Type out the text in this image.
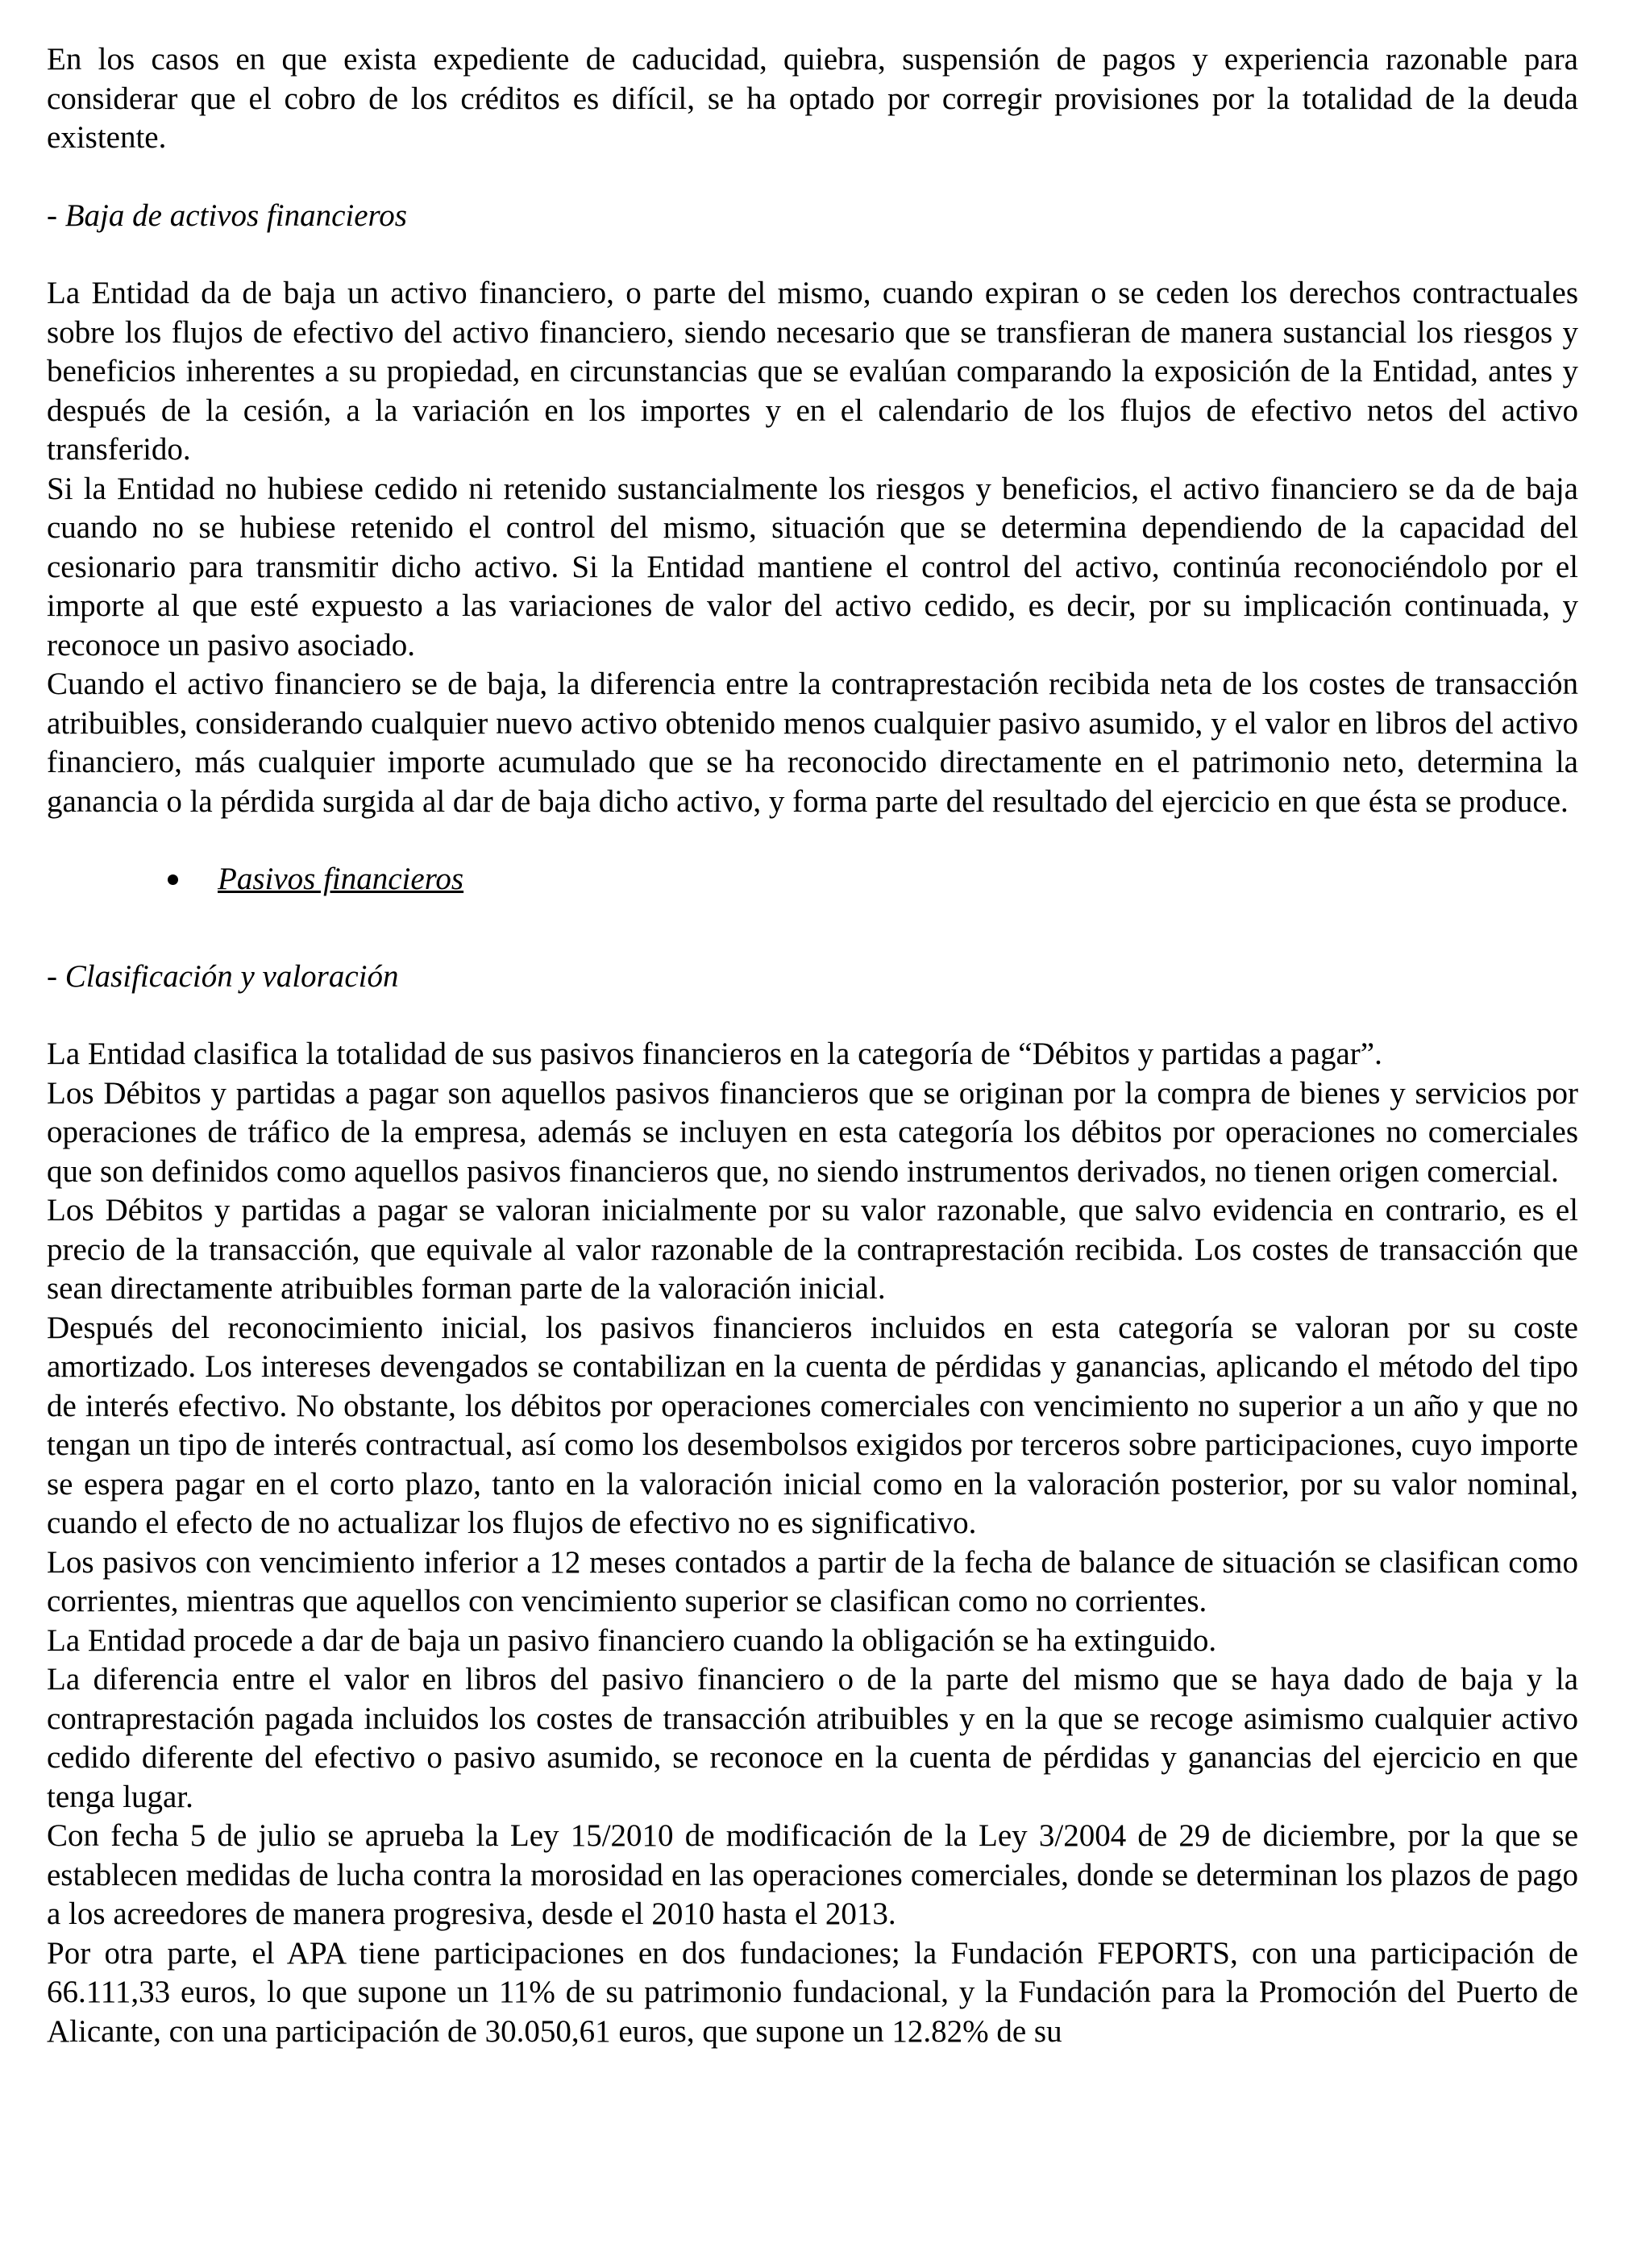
En los casos en que exista expediente de caducidad, quiebra, suspensión de pagos y experiencia razonable para considerar que el cobro de los créditos es difícil, se ha optado por corregir provisiones por la totalidad de la deuda existente.

- Baja de activos financieros

La Entidad da de baja un activo financiero, o parte del mismo, cuando expiran o se ceden los derechos contractuales sobre los flujos de efectivo del activo financiero, siendo necesario que se transfieran de manera sustancial los riesgos y beneficios inherentes a su propiedad, en circunstancias que se evalúan comparando la exposición de la Entidad, antes y después de la cesión, a la variación en los importes y en el calendario de los flujos de efectivo netos del activo transferido.

Si la Entidad no hubiese cedido ni retenido sustancialmente los riesgos y beneficios, el activo financiero se da de baja cuando no se hubiese retenido el control del mismo, situación que se determina dependiendo de la capacidad del cesionario para transmitir dicho activo. Si la Entidad mantiene el control del activo, continúa reconociéndolo por el importe al que esté expuesto a las variaciones de valor del activo cedido, es decir, por su implicación continuada, y reconoce un pasivo asociado.

Cuando el activo financiero se de baja, la diferencia entre la contraprestación recibida neta de los costes de transacción atribuibles, considerando cualquier nuevo activo obtenido menos cualquier pasivo asumido, y el valor en libros del activo financiero, más cualquier importe acumulado que se ha reconocido directamente en el patrimonio neto, determina la ganancia o la pérdida surgida al dar de baja dicho activo, y forma parte del resultado del ejercicio en que ésta se produce.

Pasivos financieros

- Clasificación y valoración

La Entidad clasifica la totalidad de sus pasivos financieros en la categoría de “Débitos y partidas a pagar”.

Los Débitos y partidas a pagar son aquellos pasivos financieros que se originan por la compra de bienes y servicios por operaciones de tráfico de la empresa, además se incluyen en esta categoría los débitos por operaciones no comerciales que son definidos como aquellos pasivos financieros que, no siendo instrumentos derivados, no tienen origen comercial.

Los Débitos y partidas a pagar se valoran inicialmente por su valor razonable, que salvo evidencia en contrario, es el precio de la transacción, que equivale al valor razonable de la contraprestación recibida. Los costes de transacción que sean directamente atribuibles forman parte de la valoración inicial.

Después del reconocimiento inicial, los pasivos financieros incluidos en esta categoría se valoran por su coste amortizado. Los intereses devengados se contabilizan en la cuenta de pérdidas y ganancias, aplicando el método del tipo de interés efectivo. No obstante, los débitos por operaciones comerciales con vencimiento no superior a un año y que no tengan un tipo de interés contractual, así como los desembolsos exigidos por terceros sobre participaciones, cuyo importe se espera pagar en el corto plazo, tanto en la valoración inicial como en la valoración posterior, por su valor nominal, cuando el efecto de no actualizar los flujos de efectivo no es significativo.

Los pasivos con vencimiento inferior a 12 meses contados a partir de la fecha de balance de situación se clasifican como corrientes, mientras que aquellos con vencimiento superior se clasifican como no corrientes.

La Entidad procede a dar de baja un pasivo financiero cuando la obligación se ha extinguido.

La diferencia entre el valor en libros del pasivo financiero o de la parte del mismo que se haya dado de baja y la contraprestación pagada incluidos los costes de transacción atribuibles y en la que se recoge asimismo cualquier activo cedido diferente del efectivo o pasivo asumido, se reconoce en la cuenta de pérdidas y ganancias del ejercicio en que tenga lugar.

Con fecha 5 de julio se aprueba la Ley 15/2010 de modificación de la Ley 3/2004 de 29 de diciembre, por la que se establecen medidas de lucha contra la morosidad en las operaciones comerciales, donde se determinan los plazos de pago a los acreedores de manera progresiva, desde el 2010 hasta el 2013.

Por otra parte, el APA tiene participaciones en dos fundaciones; la Fundación FEPORTS, con una participación de 66.111,33 euros, lo que supone un 11% de su patrimonio fundacional, y la Fundación para la Promoción del Puerto de Alicante, con una participación de 30.050,61 euros, que supone un 12.82% de su
